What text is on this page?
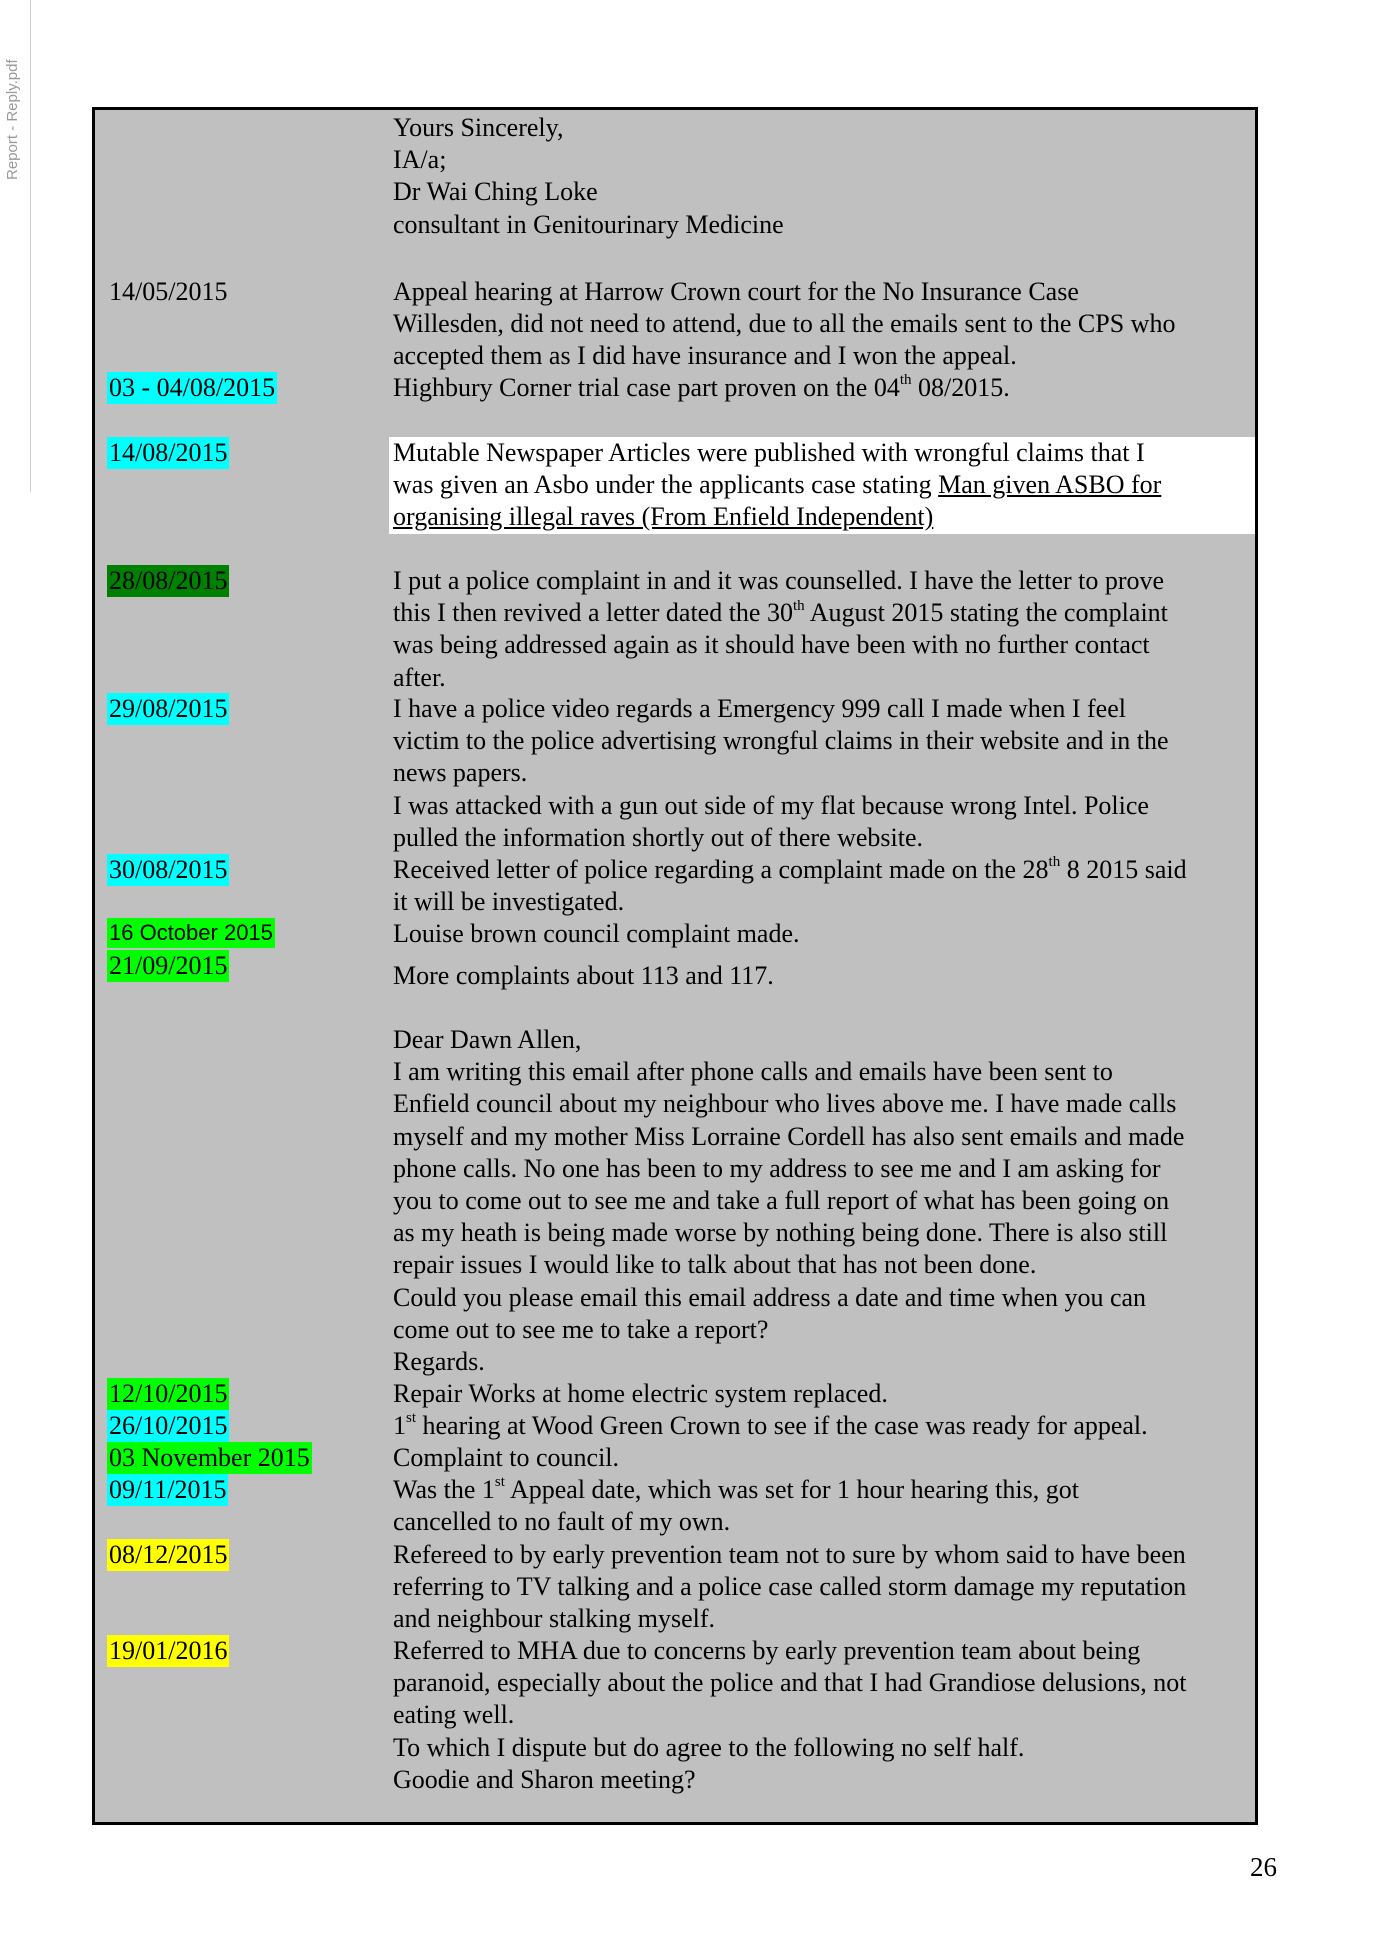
Report - Reply.pdf	Yours Sincerely,

IA/a;

Dr Wai Ching Loke

consultant in Genitourinary Medicine

14/05/2015	Appeal hearing at Harrow Crown court for the No Insurance Case

Willesden, did not need to attend, due to all the emails sent to the CPS who

accepted them as I did have insurance and I won the appeal.

03 - 04/08/2015	Highbury Corner trial case part proven on the 04th 08/2015.

14/08/2015	Mutable Newspaper Articles were published with wrongful claims that I

was given an Asbo under the applicants case stating Man given ASBO for

organising illegal raves (From Enfield Independent)

28/08/2015	I put a police complaint in and it was counselled. I have the letter to prove

this I then revived a letter dated the 30th August 2015 stating the complaint

was being addressed again as it should have been with no further contact

after.

29/08/2015	I have a police video regards a Emergency 999 call I made when I feel

victim to the police advertising wrongful claims in their website and in the

news papers.

I was attacked with a gun out side of my flat because wrong Intel. Police

pulled the information shortly out of there website.

30/08/2015	Received letter of police regarding a complaint made on the 28th 8 2015 said

it will be investigated.

16 October 2015	Louise brown council complaint made.

21/09/2015	More complaints about 113 and 117.

Dear Dawn Allen,

I am writing this email after phone calls and emails have been sent to

Enfield council about my neighbour who lives above me. I have made calls

myself and my mother Miss Lorraine Cordell has also sent emails and made

phone calls. No one has been to my address to see me and I am asking for

you to come out to see me and take a full report of what has been going on

as my heath is being made worse by nothing being done. There is also still

repair issues I would like to talk about that has not been done.

Could you please email this email address a date and time when you can

come out to see me to take a report?

Regards.

12/10/2015	Repair Works at home electric system replaced.

26/10/2015	1st hearing at Wood Green Crown to see if the case was ready for appeal.

03 November 2015	Complaint to council.

09/11/2015	Was the 1st Appeal date, which was set for 1 hour hearing this, got

cancelled to no fault of my own.

08/12/2015	Refereed to by early prevention team not to sure by whom said to have been

referring to TV talking and a police case called storm damage my reputation

and neighbour stalking myself.

19/01/2016	Referred to MHA due to concerns by early prevention team about being

paranoid, especially about the police and that I had Grandiose delusions, not

eating well.

To which I dispute but do agree to the following no self half.

Goodie and Sharon meeting?

26
